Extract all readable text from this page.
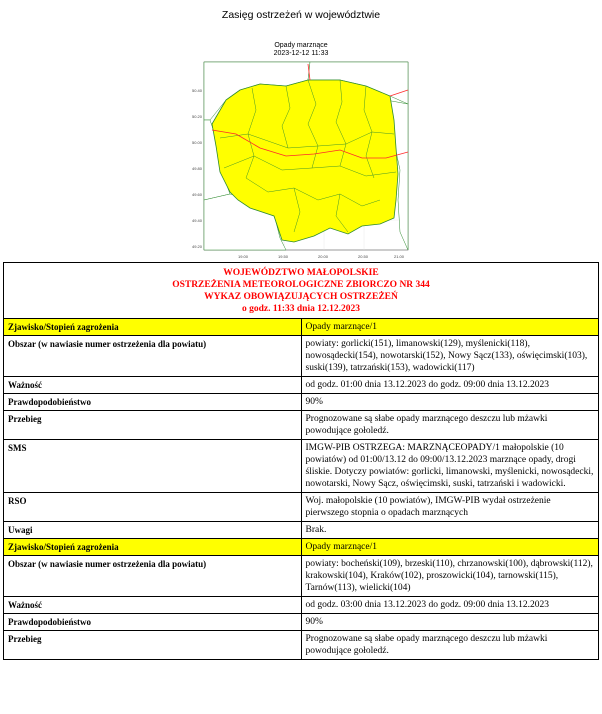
Zasięg ostrzeżeń w województwie
Opady marznące
2023-12-12 11:33
50.40
50.20
50.00
49.80
49.60
49.40
49.20
19.00	19.50	20.00	20.50	21.00
WOJEWÓDZTWO MAŁOPOLSKIE
OSTRZEŻENIA METEOROLOGICZNE ZBIORCZO NR 344
WYKAZ OBOWIĄZUJĄCYCH OSTRZEŻEŃ
o godz. 11:33 dnia 12.12.2023	

Zjawisko/Stopień zagrożenia	Opady marznące/1
Obszar (w nawiasie numer ostrzeżenia dla powiatu)	powiaty: gorlicki(151), limanowski(129), myślenicki(118), nowosądecki(154), nowotarski(152), Nowy Sącz(133), oświęcimski(103), suski(139), tatrzański(153), wadowicki(117)
Ważność	od godz. 01:00 dnia 13.12.2023 do godz. 09:00 dnia 13.12.2023
Prawdopodobieństwo	90%
Przebieg	Prognozowane są słabe opady marznącego deszczu lub mżawki powodujące gołoledź.
SMS	IMGW-PIB OSTRZEGA: MARZNĄCEOPADY/1 małopolskie (10 powiatów) od 01:00/13.12 do 09:00/13.12.2023 marznące opady, drogi śliskie. Dotyczy powiatów: gorlicki, limanowski, myślenicki, nowosądecki, nowotarski, Nowy Sącz, oświęcimski, suski, tatrzański i wadowicki.
RSO	Woj. małopolskie (10 powiatów), IMGW-PIB wydał ostrzeżenie pierwszego stopnia o opadach marznących
Uwagi	Brak.
Zjawisko/Stopień zagrożenia	Opady marznące/1
Obszar (w nawiasie numer ostrzeżenia dla powiatu)	powiaty: bocheński(109), brzeski(110), chrzanowski(100), dąbrowski(112), krakowski(104), Kraków(102), proszowicki(104), tarnowski(115), Tarnów(113), wielicki(104)
Ważność	od godz. 03:00 dnia 13.12.2023 do godz. 09:00 dnia 13.12.2023
Prawdopodobieństwo	90%
Przebieg	Prognozowane są słabe opady marznącego deszczu lub mżawki powodujące gołoledź.
